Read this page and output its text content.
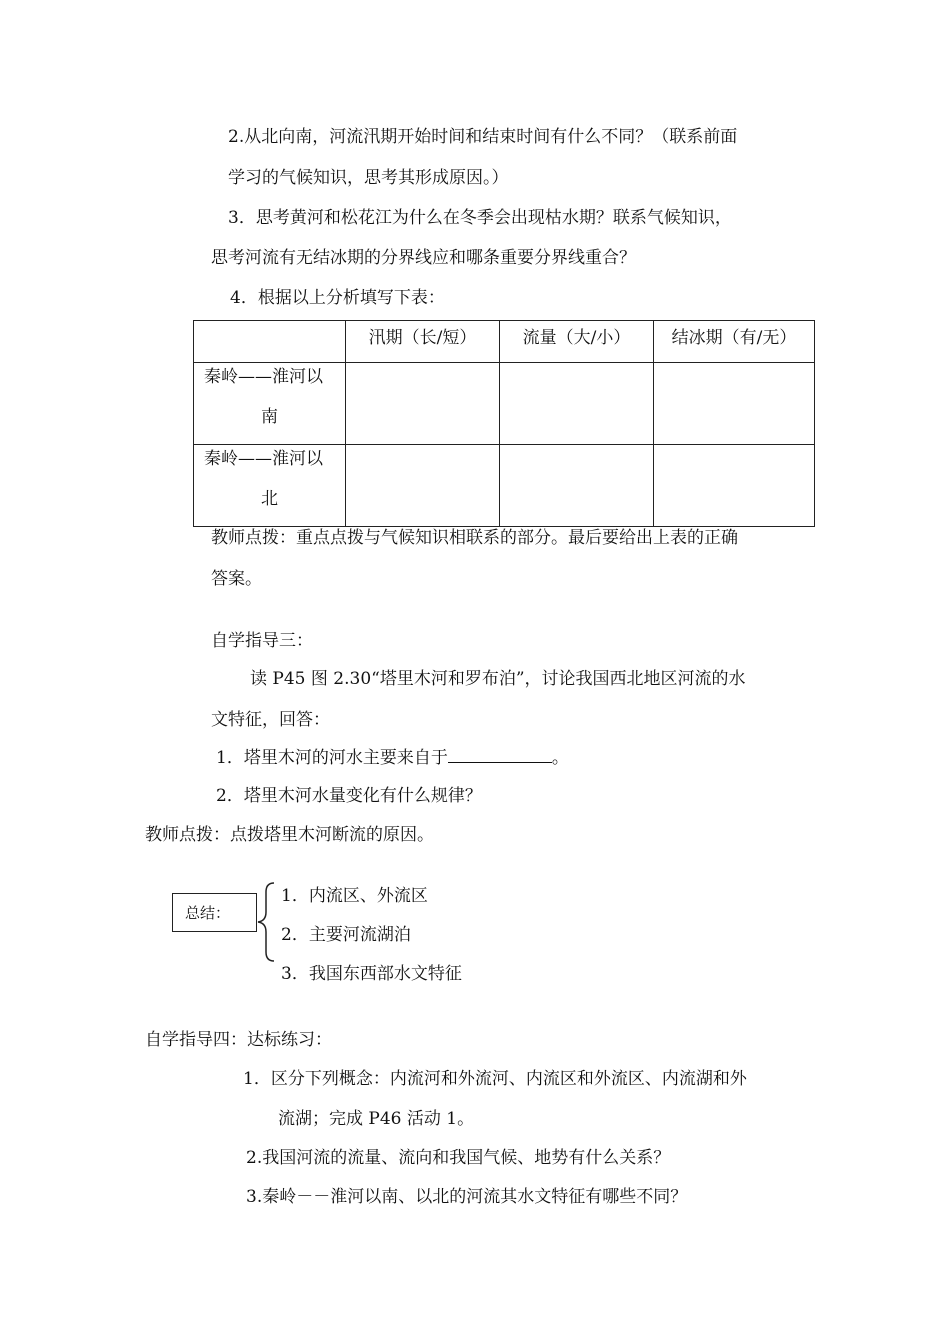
2.从北向南，河流汛期开始时间和结束时间有什么不同？（联系前面
学习的气候知识，思考其形成原因。）
3．思考黄河和松花江为什么在冬季会出现枯水期？联系气候知识，
思考河流有无结冰期的分界线应和哪条重要分界线重合？
4．根据以上分析填写下表：
	汛期（长/短）	流量（大/小）	结冰期（有/无）

秦岭——淮河以
南			

秦岭——淮河以
北			

教师点拨：重点点拨与气候知识相联系的部分。最后要给出上表的正确
答案。
自学指导三：
读 P45 图 2.30“塔里木河和罗布泊”，讨论我国西北地区河流的水
文特征，回答：
1．塔里木河的河水主要来自于	。
2．塔里木河水量变化有什么规律？
教师点拨：点拨塔里木河断流的原因。
总结：
1．内流区、外流区
2．主要河流湖泊
3．我国东西部水文特征
自学指导四：达标练习：
1．区分下列概念：内流河和外流河、内流区和外流区、内流湖和外
流湖；完成 P46 活动 1。
2.我国河流的流量、流向和我国气候、地势有什么关系？
3.秦岭－－淮河以南、以北的河流其水文特征有哪些不同？
